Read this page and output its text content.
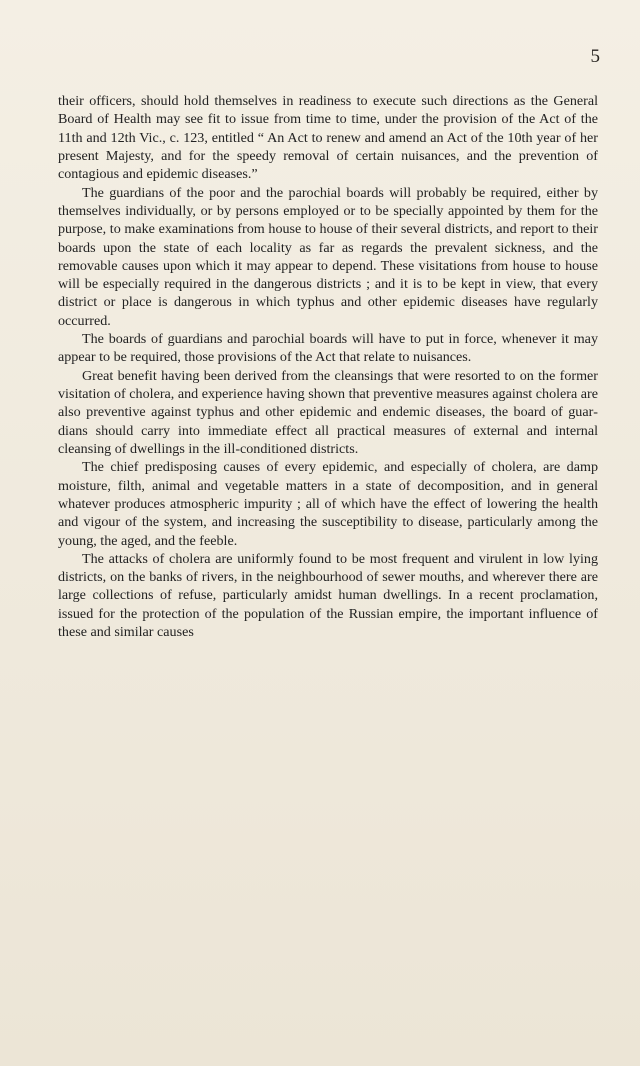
5

their officers, should hold themselves in readiness to execute such directions as the General Board of Health may see fit to issue from time to time, under the provision of the Act of the 11th and 12th Vic., c. 123, entitled “ An Act to renew and amend an Act of the 10th year of her present Majesty, and for the speedy removal of certain nuisances, and the prevention of contagious and epidemic diseases.”

The guardians of the poor and the parochial boards will probably be required, either by themselves individually, or by persons employed or to be specially appointed by them for the purpose, to make examinations from house to house of their several districts, and report to their boards upon the state of each locality as far as regards the prevalent sickness, and the removable causes upon which it may appear to depend. These visitations from house to house will be especially required in the dangerous districts ; and it is to be kept in view, that every district or place is dangerous in which typhus and other epidemic diseases have regularly occurred.

The boards of guardians and parochial boards will have to put in force, whenever it may appear to be required, those provisions of the Act that relate to nuisances.

Great benefit having been derived from the cleansings that were resorted to on the former visitation of cholera, and experience having shown that preventive measures against cholera are also preventive against typhus and other epidemic and endemic diseases, the board of guardians should carry into immediate effect all practical measures of external and internal cleansing of dwellings in the ill-conditioned districts.

The chief predisposing causes of every epidemic, and especially of cholera, are damp moisture, filth, animal and vegetable matters in a state of decomposition, and in general whatever produces atmospheric impurity ; all of which have the effect of lowering the health and vigour of the system, and increasing the susceptibility to disease, particularly among the young, the aged, and the feeble.

The attacks of cholera are uniformly found to be most frequent and virulent in low lying districts, on the banks of rivers, in the neighbourhood of sewer mouths, and wherever there are large collections of refuse, particularly amidst human dwellings. In a recent proclamation, issued for the protection of the population of the Russian empire, the important influence of these and similar causes
